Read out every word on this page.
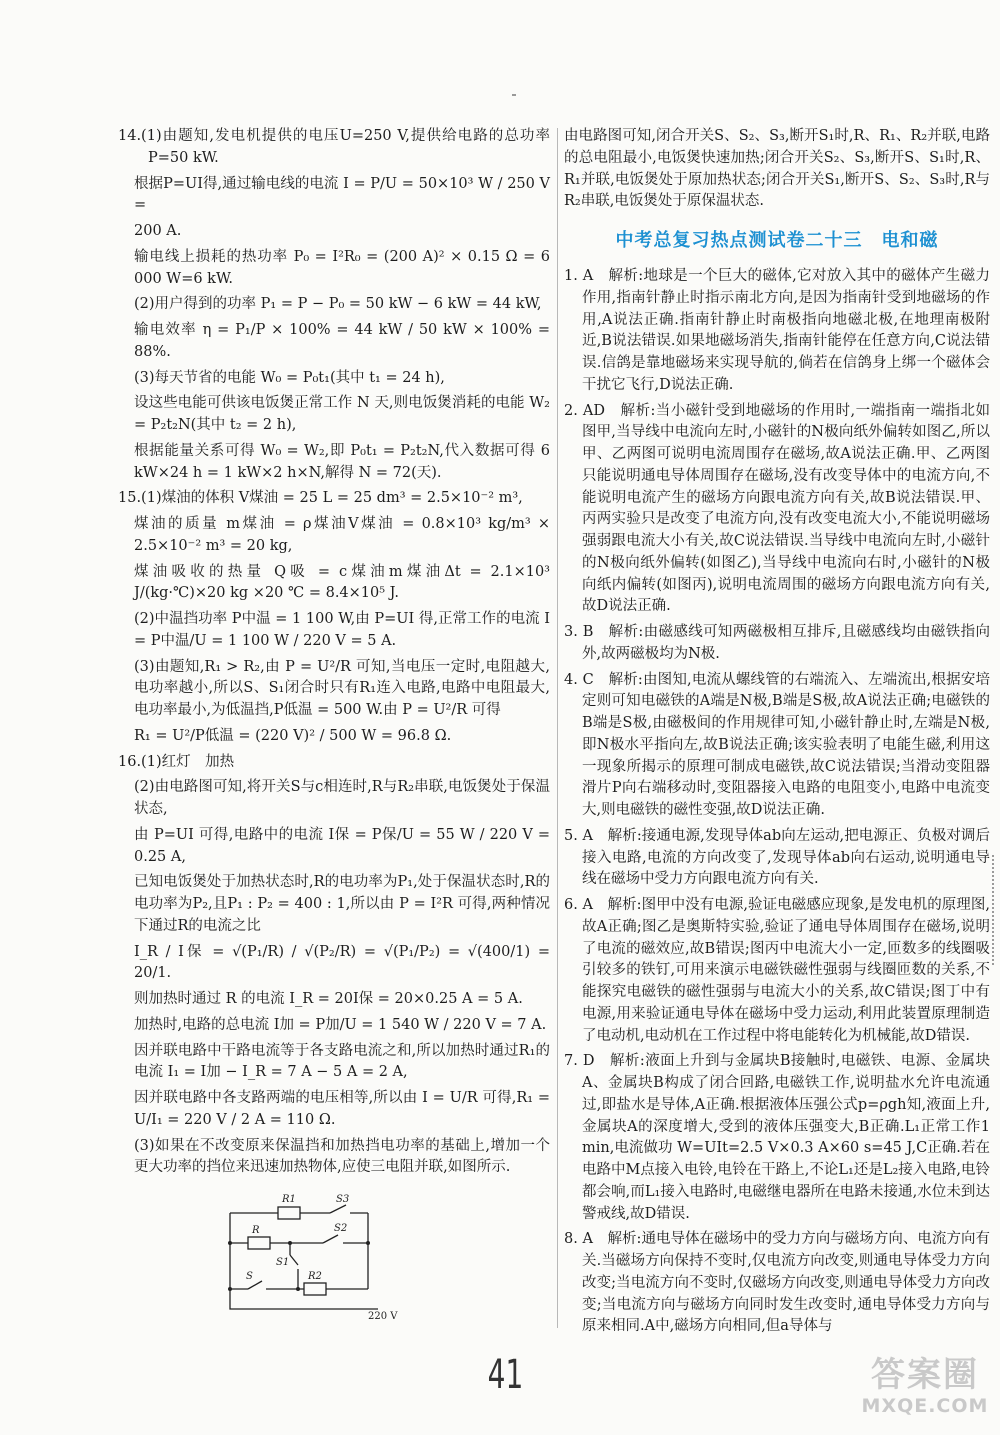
14.(1)由题知,发电机提供的电压U=250 V,提供给电路的总功率P=50 kW.

根据P=UI得,通过输电线的电流 I = P/U = 50×10³ W / 250 V =

200 A.

输电线上损耗的热功率 P₀ = I²R₀ = (200 A)² × 0.15 Ω = 6 000 W=6 kW.

(2)用户得到的功率 P₁ = P − P₀ = 50 kW − 6 kW = 44 kW,

输电效率 η = P₁/P × 100% = 44 kW / 50 kW × 100% = 88%.

(3)每天节省的电能 W₀ = P₀t₁(其中 t₁ = 24 h),

设这些电能可供该电饭煲正常工作 N 天,则电饭煲消耗的电能 W₂ = P₂t₂N(其中 t₂ = 2 h),

根据能量关系可得 W₀ = W₂,即 P₀t₁ = P₂t₂N,代入数据可得 6 kW×24 h = 1 kW×2 h×N,解得 N = 72(天).

15.(1)煤油的体积 V煤油 = 25 L = 25 dm³ = 2.5×10⁻² m³,

煤油的质量 m煤油 = ρ煤油V煤油 = 0.8×10³ kg/m³ × 2.5×10⁻² m³ = 20 kg,

煤油吸收的热量 Q吸 = c煤油m煤油Δt = 2.1×10³ J/(kg·℃)×20 kg ×20 ℃ = 8.4×10⁵ J.

(2)中温挡功率 P中温 = 1 100 W,由 P=UI 得,正常工作的电流 I = P中温/U = 1 100 W / 220 V = 5 A.

(3)由题知,R₁ > R₂,由 P = U²/R 可知,当电压一定时,电阻越大,电功率越小,所以S、S₁闭合时只有R₁连入电路,电路中电阻最大,电功率最小,为低温挡,P低温 = 500 W.由 P = U²/R 可得

R₁ = U²/P低温 = (220 V)² / 500 W = 96.8 Ω.

16.(1)红灯　加热

(2)由电路图可知,将开关S与c相连时,R与R₂串联,电饭煲处于保温状态,

由 P=UI 可得,电路中的电流 I保 = P保/U = 55 W / 220 V = 0.25 A,

已知电饭煲处于加热状态时,R的电功率为P₁,处于保温状态时,R的电功率为P₂,且P₁ : P₂ = 400 : 1,所以由 P = I²R 可得,两种情况下通过R的电流之比

I_R / I保 = √(P₁/R) / √(P₂/R) = √(P₁/P₂) = √(400/1) = 20/1.

则加热时通过 R 的电流 I_R = 20I保 = 20×0.25 A = 5 A.

加热时,电路的总电流 I加 = P加/U = 1 540 W / 220 V = 7 A.

因并联电路中干路电流等于各支路电流之和,所以加热时通过R₁的电流 I₁ = I加 − I_R = 7 A − 5 A = 2 A,

因并联电路中各支路两端的电压相等,所以由 I = U/R 可得,R₁ = U/I₁ = 220 V / 2 A = 110 Ω.

(3)如果在不改变原来保温挡和加热挡电功率的基础上,增加一个更大功率的挡位来迅速加热物体,应使三电阻并联,如图所示.

R1	S3
R	S2
S1
S	R2
220 V

由电路图可知,闭合开关S、S₂、S₃,断开S₁时,R、R₁、R₂并联,电路的总电阻最小,电饭煲快速加热;闭合开关S₂、S₃,断开S、S₁时,R、R₁并联,电饭煲处于原加热状态;闭合开关S₁,断开S、S₂、S₃时,R与R₂串联,电饭煲处于原保温状态.

中考总复习热点测试卷二十三　电和磁

1. A　解析:地球是一个巨大的磁体,它对放入其中的磁体产生磁力作用,指南针静止时指示南北方向,是因为指南针受到地磁场的作用,A说法正确.指南针静止时南极指向地磁北极,在地理南极附近,B说法错误.如果地磁场消失,指南针能停在任意方向,C说法错误.信鸽是靠地磁场来实现导航的,倘若在信鸽身上绑一个磁体会干扰它飞行,D说法正确.

2. AD　解析:当小磁针受到地磁场的作用时,一端指南一端指北如图甲,当导线中电流向左时,小磁针的N极向纸外偏转如图乙,所以甲、乙两图可说明电流周围存在磁场,故A说法正确.甲、乙两图只能说明通电导体周围存在磁场,没有改变导体中的电流方向,不能说明电流产生的磁场方向跟电流方向有关,故B说法错误.甲、丙两实验只是改变了电流方向,没有改变电流大小,不能说明磁场强弱跟电流大小有关,故C说法错误.当导线中电流向左时,小磁针的N极向纸外偏转(如图乙),当导线中电流向右时,小磁针的N极向纸内偏转(如图丙),说明电流周围的磁场方向跟电流方向有关,故D说法正确.

3. B　解析:由磁感线可知两磁极相互排斥,且磁感线均由磁铁指向外,故两磁极均为N极.

4. C　解析:由图知,电流从螺线管的右端流入、左端流出,根据安培定则可知电磁铁的A端是N极,B端是S极,故A说法正确;电磁铁的B端是S极,由磁极间的作用规律可知,小磁针静止时,左端是N极,即N极水平指向左,故B说法正确;该实验表明了电能生磁,利用这一现象所揭示的原理可制成电磁铁,故C说法错误;当滑动变阻器滑片P向右端移动时,变阻器接入电路的电阻变小,电路中电流变大,则电磁铁的磁性变强,故D说法正确.

5. A　解析:接通电源,发现导体ab向左运动,把电源正、负极对调后接入电路,电流的方向改变了,发现导体ab向右运动,说明通电导线在磁场中受力方向跟电流方向有关.

6. A　解析:图甲中没有电源,验证电磁感应现象,是发电机的原理图,故A正确;图乙是奥斯特实验,验证了通电导体周围存在磁场,说明了电流的磁效应,故B错误;图丙中电流大小一定,匝数多的线圈吸引较多的铁钉,可用来演示电磁铁磁性强弱与线圈匝数的关系,不能探究电磁铁的磁性强弱与电流大小的关系,故C错误;图丁中有电源,用来验证通电导体在磁场中受力运动,利用此装置原理制造了电动机,电动机在工作过程中将电能转化为机械能,故D错误.

7. D　解析:液面上升到与金属块B接触时,电磁铁、电源、金属块A、金属块B构成了闭合回路,电磁铁工作,说明盐水允许电流通过,即盐水是导体,A正确.根据液体压强公式p=ρgh知,液面上升,金属块A的深度增大,受到的液体压强变大,B正确.L₁正常工作1 min,电流做功 W=UIt=2.5 V×0.3 A×60 s=45 J,C正确.若在电路中M点接入电铃,电铃在干路上,不论L₁还是L₂接入电路,电铃都会响,而L₁接入电路时,电磁继电器所在电路未接通,水位未到达警戒线,故D错误.

8. A　解析:通电导体在磁场中的受力方向与磁场方向、电流方向有关.当磁场方向保持不变时,仅电流方向改变,则通电导体受力方向改变;当电流方向不变时,仅磁场方向改变,则通电导体受力方向改变;当电流方向与磁场方向同时发生改变时,通电导体受力方向与原来相同.A中,磁场方向相同,但a导体与

41	答案圈
MXQE.COM
